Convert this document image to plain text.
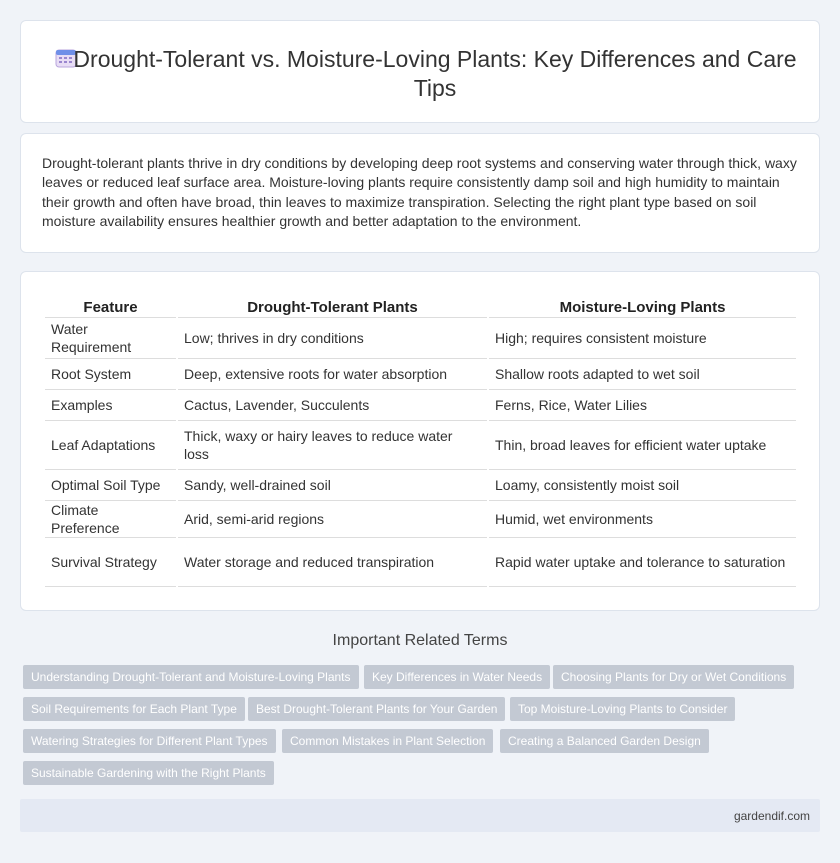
Drought-Tolerant vs. Moisture-Loving Plants: Key Differences and Care Tips

Drought-tolerant plants thrive in dry conditions by developing deep root systems and conserving water through thick, waxy leaves or reduced leaf surface area. Moisture-loving plants require consistently damp soil and high humidity to maintain their growth and often have broad, thin leaves to maximize transpiration. Selecting the right plant type based on soil moisture availability ensures healthier growth and better adaptation to the environment.

Feature	Drought-Tolerant Plants	Moisture-Loving Plants
Water Requirement	Low; thrives in dry conditions	High; requires consistent moisture
Root System	Deep, extensive roots for water absorption	Shallow roots adapted to wet soil
Examples	Cactus, Lavender, Succulents	Ferns, Rice, Water Lilies
Leaf Adaptations	Thick, waxy or hairy leaves to reduce water loss	Thin, broad leaves for efficient water uptake
Optimal Soil Type	Sandy, well-drained soil	Loamy, consistently moist soil
Climate Preference	Arid, semi-arid regions	Humid, wet environments
Survival Strategy	Water storage and reduced transpiration	Rapid water uptake and tolerance to saturation
Important Related Terms
Understanding Drought-Tolerant and Moisture-Loving Plants	Key Differences in Water Needs	Choosing Plants for Dry or Wet Conditions
Soil Requirements for Each Plant Type	Best Drought-Tolerant Plants for Your Garden	Top Moisture-Loving Plants to Consider
Watering Strategies for Different Plant Types	Common Mistakes in Plant Selection	Creating a Balanced Garden Design
Sustainable Gardening with the Right Plants
gardendif.com
